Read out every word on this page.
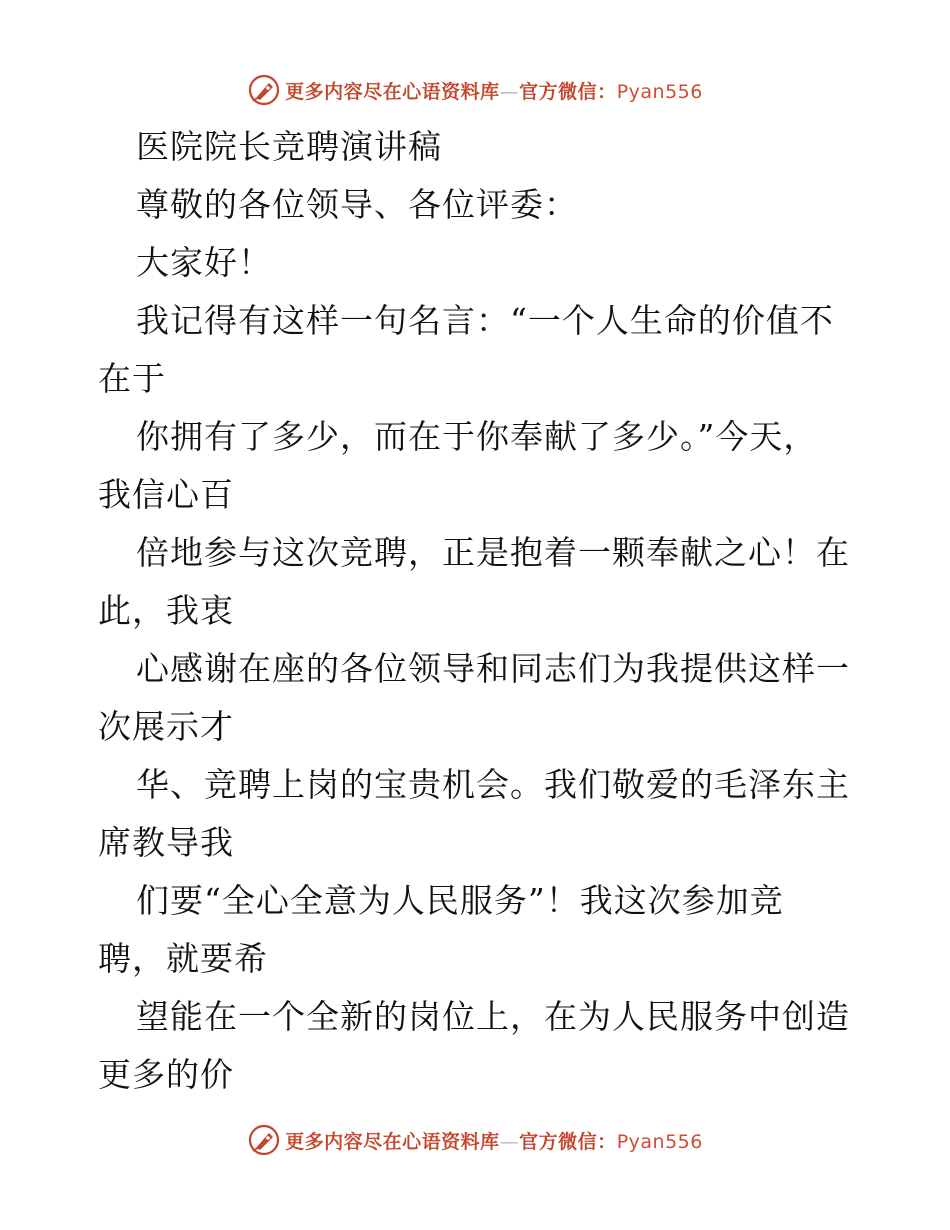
更多内容尽在心语资料库—官方微信：Pyan556
医院院长竞聘演讲稿
尊敬的各位领导、各位评委：
大家好！
我记得有这样一句名言：“一个人生命的价值不
在于
你拥有了多少，而在于你奉献了多少。”今天，
我信心百
倍地参与这次竞聘，正是抱着一颗奉献之心！在
此，我衷
心感谢在座的各位领导和同志们为我提供这样一
次展示才
华、竞聘上岗的宝贵机会。我们敬爱的毛泽东主
席教导我
们要“全心全意为人民服务”！我这次参加竞
聘，就要希
望能在一个全新的岗位上，在为人民服务中创造
更多的价
更多内容尽在心语资料库—官方微信：Pyan556
